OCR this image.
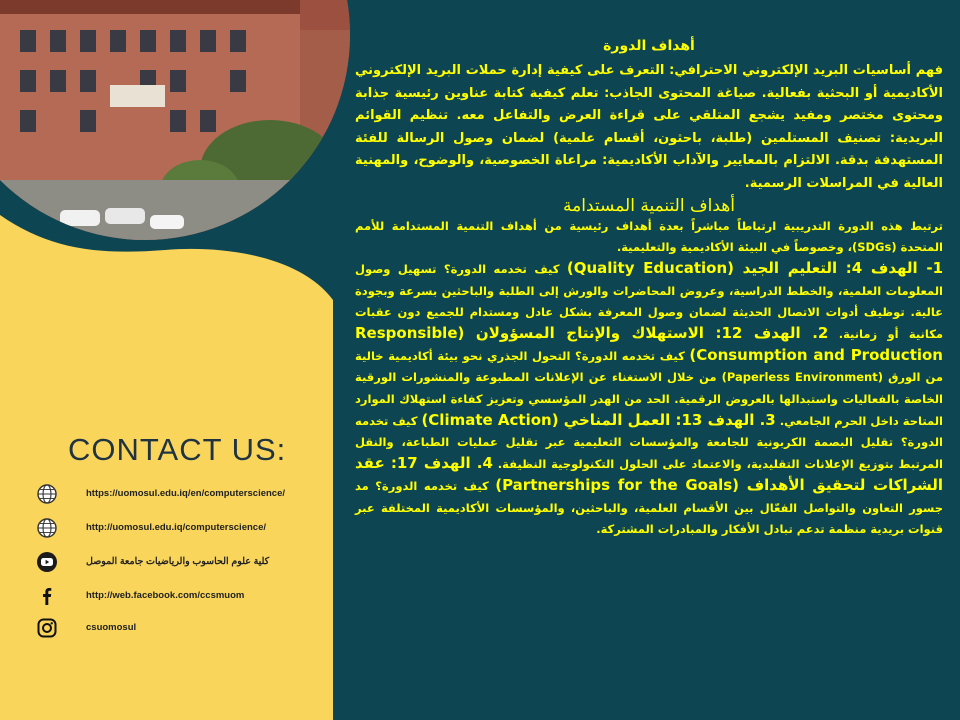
CONTACT US:
https://uomosul.edu.iq/en/computerscience/
http://uomosul.edu.iq/computerscience/
كلية علوم الحاسوب والرياضيات جامعة الموصل
http://web.facebook.com/ccsmuom
csuomosul
أهداف الدورة

فهم أساسيات البريد الإلكتروني الاحترافي: التعرف على كيفية إدارة حملات البريد الإلكتروني الأكاديمية أو البحثية بفعالية. صياغة المحتوى الجاذب: تعلم كيفية كتابة عناوين رئيسية جذابة ومحتوى مختصر ومفيد يشجع المتلقي على قراءة العرض والتفاعل معه. تنظيم القوائم البريدية: تصنيف المستلمين (طلبة، باحثون، أقسام علمية) لضمان وصول الرسالة للفئة المستهدفة بدقة. الالتزام بالمعايير والآداب الأكاديمية: مراعاة الخصوصية، والوضوح، والمهنية العالية في المراسلات الرسمية.

أهداف التنمية المستدامة

ترتبط هذه الدورة التدريبية ارتباطاً مباشراً بعدة أهداف رئيسية من أهداف التنمية المستدامة للأمم المتحدة (SDGs)، وخصوصاً في البيئة الأكاديمية والتعليمية.

1- الهدف 4: التعليم الجيد (Quality Education) كيف تخدمه الدورة؟ تسهيل وصول المعلومات العلمية، والخطط الدراسية، وعروض المحاضرات والورش إلى الطلبة والباحثين بسرعة وبجودة عالية. توظيف أدوات الاتصال الحديثة لضمان وصول المعرفة بشكل عادل ومستدام للجميع دون عقبات مكانية أو زمانية. 2. الهدف 12: الاستهلاك والإنتاج المسؤولان (Responsible Consumption and Production) كيف تخدمه الدورة؟ التحول الجذري نحو بيئة أكاديمية خالية من الورق (Paperless Environment) من خلال الاستغناء عن الإعلانات المطبوعة والمنشورات الورقية الخاصة بالفعاليات واستبدالها بالعروض الرقمية. الحد من الهدر المؤسسي وتعزيز كفاءة استهلاك الموارد المتاحة داخل الحرم الجامعي. 3. الهدف 13: العمل المناخي (Climate Action) كيف تخدمه الدورة؟ تقليل البصمة الكربونية للجامعة والمؤسسات التعليمية عبر تقليل عمليات الطباعة، والنقل المرتبط بتوزيع الإعلانات التقليدية، والاعتماد على الحلول التكنولوجية النظيفة. 4. الهدف 17: عقد الشراكات لتحقيق الأهداف (Partnerships for the Goals) كيف تخدمه الدورة؟ مد جسور التعاون والتواصل الفعّال بين الأقسام العلمية، والباحثين، والمؤسسات الأكاديمية المختلفة عبر قنوات بريدية منظمة تدعم تبادل الأفكار والمبادرات المشتركة.
